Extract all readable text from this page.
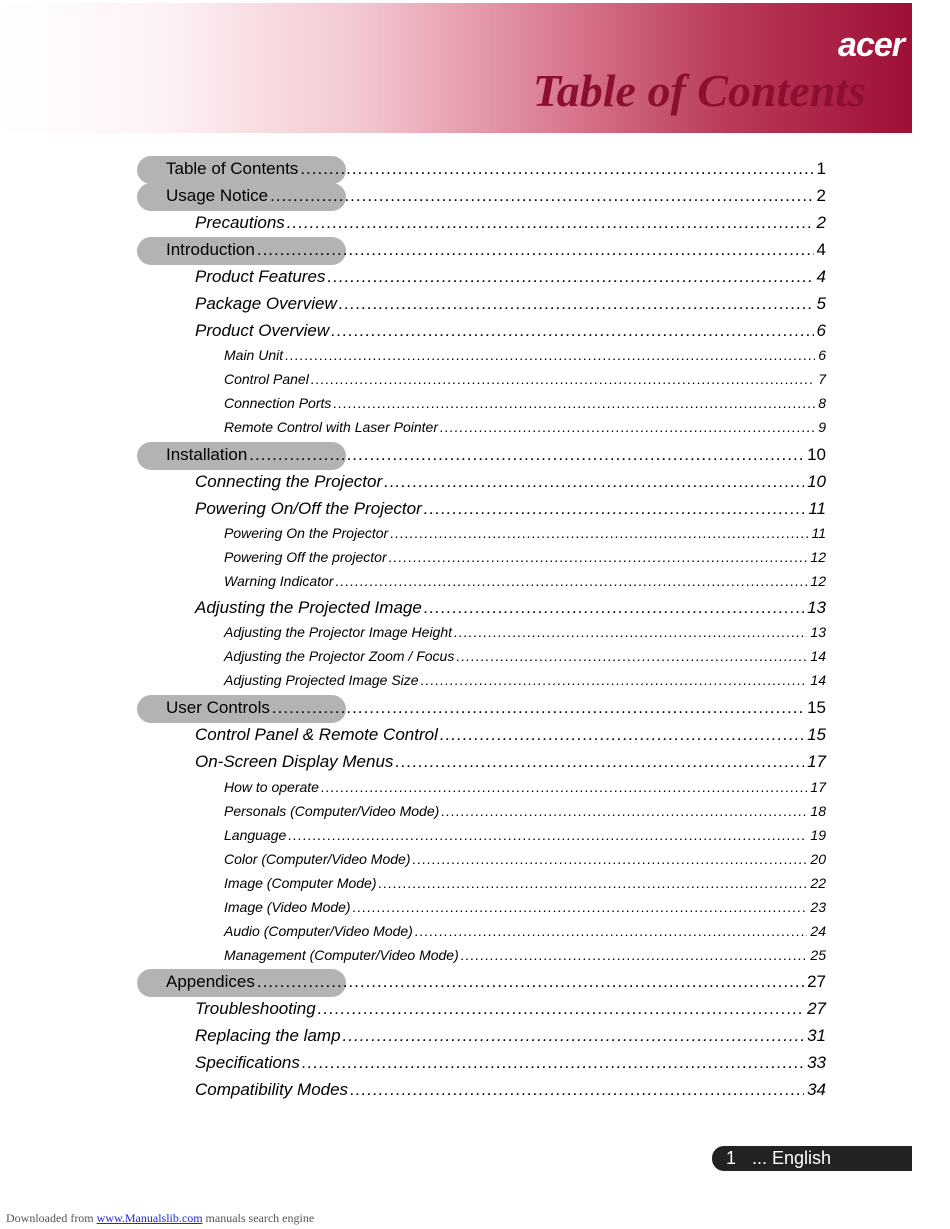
acer
Table of Contents
Table of Contents .....	1
Usage Notice .....	2
Precautions .....	2
Introduction .....	4
Product Features .....	4
Package Overview .....	5
Product Overview .....	6
Main Unit .....	6
Control Panel .....	7
Connection Ports .....	8
Remote Control with Laser Pointer .....	9
Installation .....	10
Connecting the Projector .....	10
Powering On/Off the Projector .....	11
Powering On the Projector .....	11
Powering Off the projector .....	12
Warning Indicator .....	12
Adjusting the Projected Image .....	13
Adjusting the Projector Image Height .....	13
Adjusting the Projector Zoom / Focus .....	14
Adjusting Projected Image Size .....	14
User Controls .....	15
Control Panel & Remote Control .....	15
On-Screen Display Menus .....	17
How to operate .....	17
Personals (Computer/Video Mode) .....	18
Language .....	19
Color (Computer/Video Mode) .....	20
Image (Computer Mode) .....	22
Image (Video Mode) .....	23
Audio (Computer/Video Mode) .....	24
Management (Computer/Video Mode) .....	25
Appendices .....	27
Troubleshooting .....	27
Replacing the lamp .....	31
Specifications .....	33
Compatibility Modes .....	34
1 ... English
Downloaded from www.Manualslib.com manuals search engine
